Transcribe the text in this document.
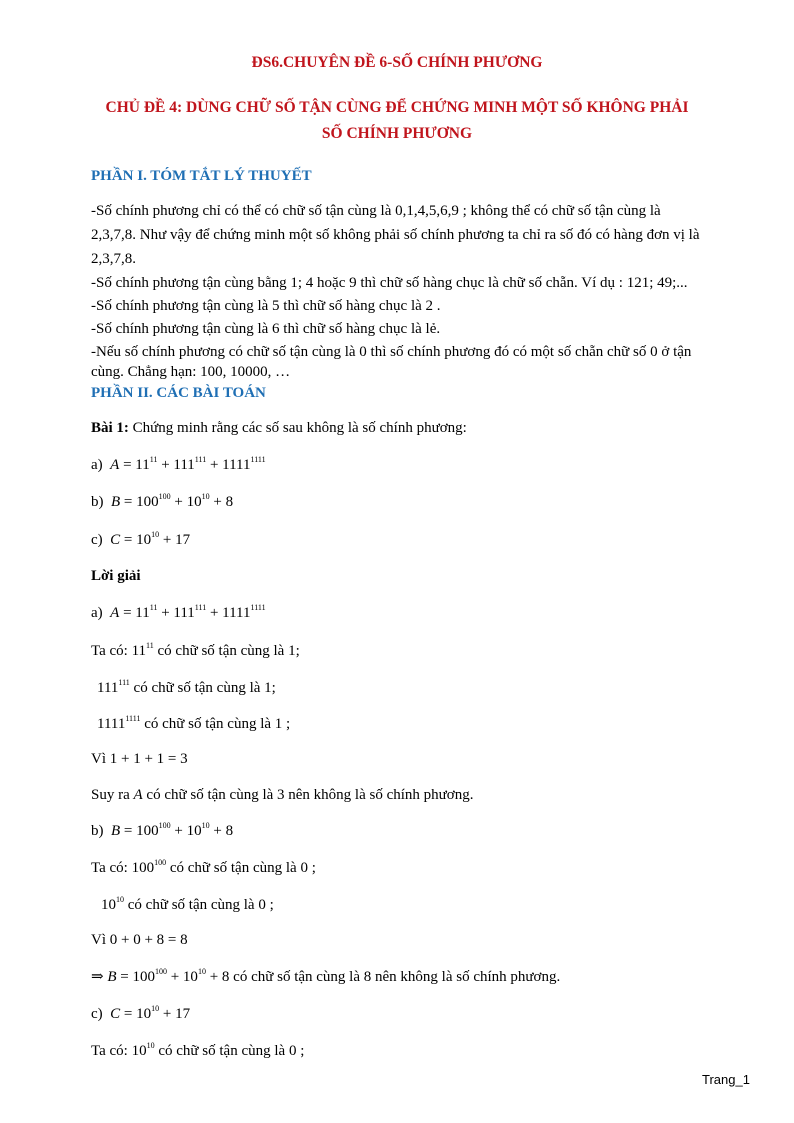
ĐS6.CHUYÊN ĐỀ 6-SỐ CHÍNH PHƯƠNG
CHỦ ĐỀ 4: DÙNG CHỮ SỐ TẬN CÙNG ĐỂ CHỨNG MINH MỘT SỐ KHÔNG PHẢI
SỐ CHÍNH PHƯƠNG
PHẦN I. TÓM TẮT LÝ THUYẾT
-Số chính phương chỉ có thể có chữ số tận cùng là 0,1,4,5,6,9 ; không thể có chữ số tận cùng là
2,3,7,8. Như vậy để chứng minh một số không phải số chính phương ta chỉ ra số đó có hàng đơn vị là
2,3,7,8.
-Số chính phương tận cùng bằng 1; 4 hoặc 9 thì chữ số hàng chục là chữ số chẵn. Ví dụ : 121; 49;...
-Số chính phương tận cùng là 5 thì chữ số hàng chục là 2 .
-Số chính phương tận cùng là 6 thì chữ số hàng chục là lẻ.
-Nếu số chính phương có chữ số tận cùng là 0 thì số chính phương đó có một số chẵn chữ số 0 ở tận
cùng. Chẳng hạn: 100, 10000, …
PHẦN II. CÁC BÀI TOÁN
Bài 1: Chứng minh rằng các số sau không là số chính phương:
a) $A = 11^{11} + 111^{111} + 1111^{1111}$
b) $B = 100^{100} + 10^{10} + 8$
c) $C = 10^{10} + 17$
Lời giải
a) $A = 11^{11} + 111^{111} + 1111^{1111}$
Ta có: $11^{11}$ có chữ số tận cùng là 1;
$111^{111}$ có chữ số tận cùng là 1;
$1111^{1111}$ có chữ số tận cùng là 1 ;
Vì 1 + 1 + 1 = 3
Suy ra A có chữ số tận cùng là 3 nên không là số chính phương.
b) $B = 100^{100} + 10^{10} + 8$
Ta có: $100^{100}$ có chữ số tận cùng là 0 ;
$10^{10}$ có chữ số tận cùng là 0 ;
Vì 0 + 0 + 8 = 8
⇒ $B = 100^{100} + 10^{10} + 8$ có chữ số tận cùng là 8 nên không là số chính phương.
c) $C = 10^{10} + 17$
Ta có: $10^{10}$ có chữ số tận cùng là 0 ;
Trang_1
